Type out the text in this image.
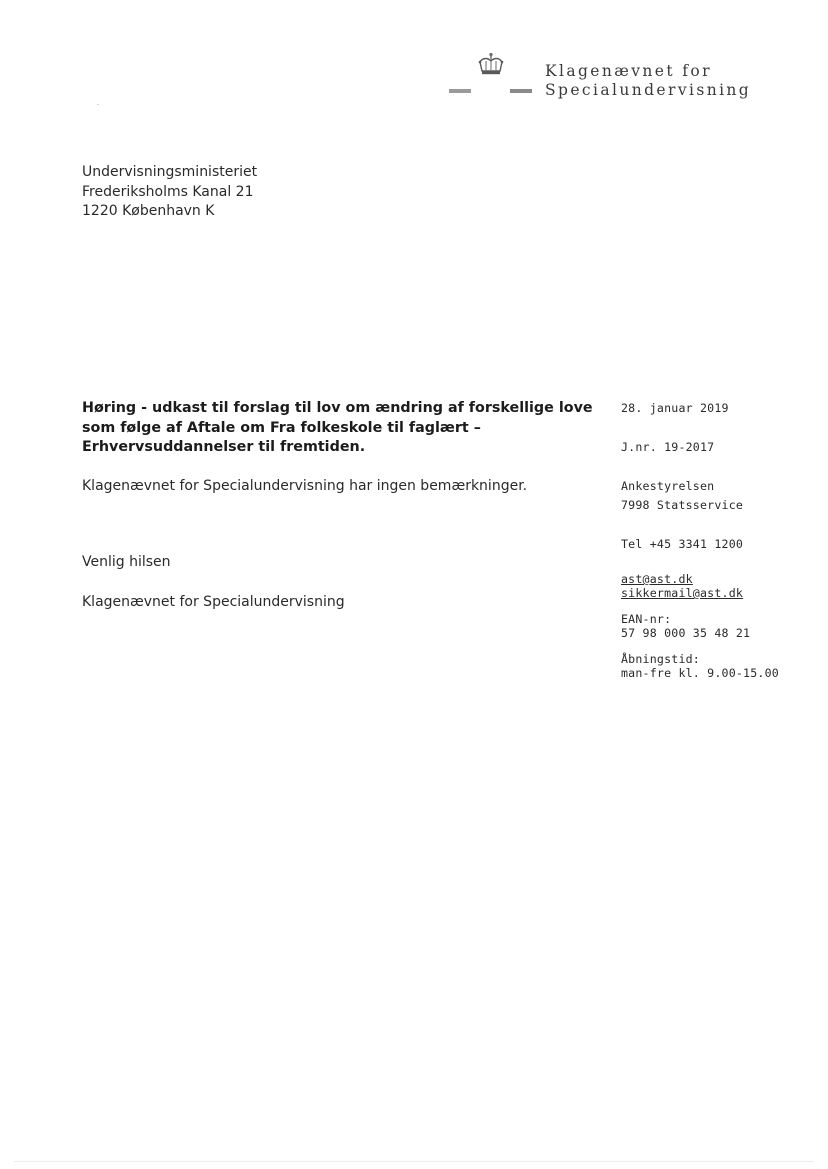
Klagenævnet for
Specialundervisning
Undervisningsministeriet
Frederiksholms Kanal 21
1220 København K
Høring - udkast til forslag til lov om ændring af forskellige love
som følge af Aftale om Fra folkeskole til faglært –
Erhvervsuddannelser til fremtiden.
Klagenævnet for Specialundervisning har ingen bemærkninger.
Venlig hilsen
Klagenævnet for Specialundervisning
28. januar 2019
J.nr. 19-2017
Ankestyrelsen
7998 Statsservice
Tel +45 3341 1200
ast@ast.dk
sikkermail@ast.dk
EAN-nr:
57 98 000 35 48 21
Åbningstid:
man-fre kl. 9.00-15.00
